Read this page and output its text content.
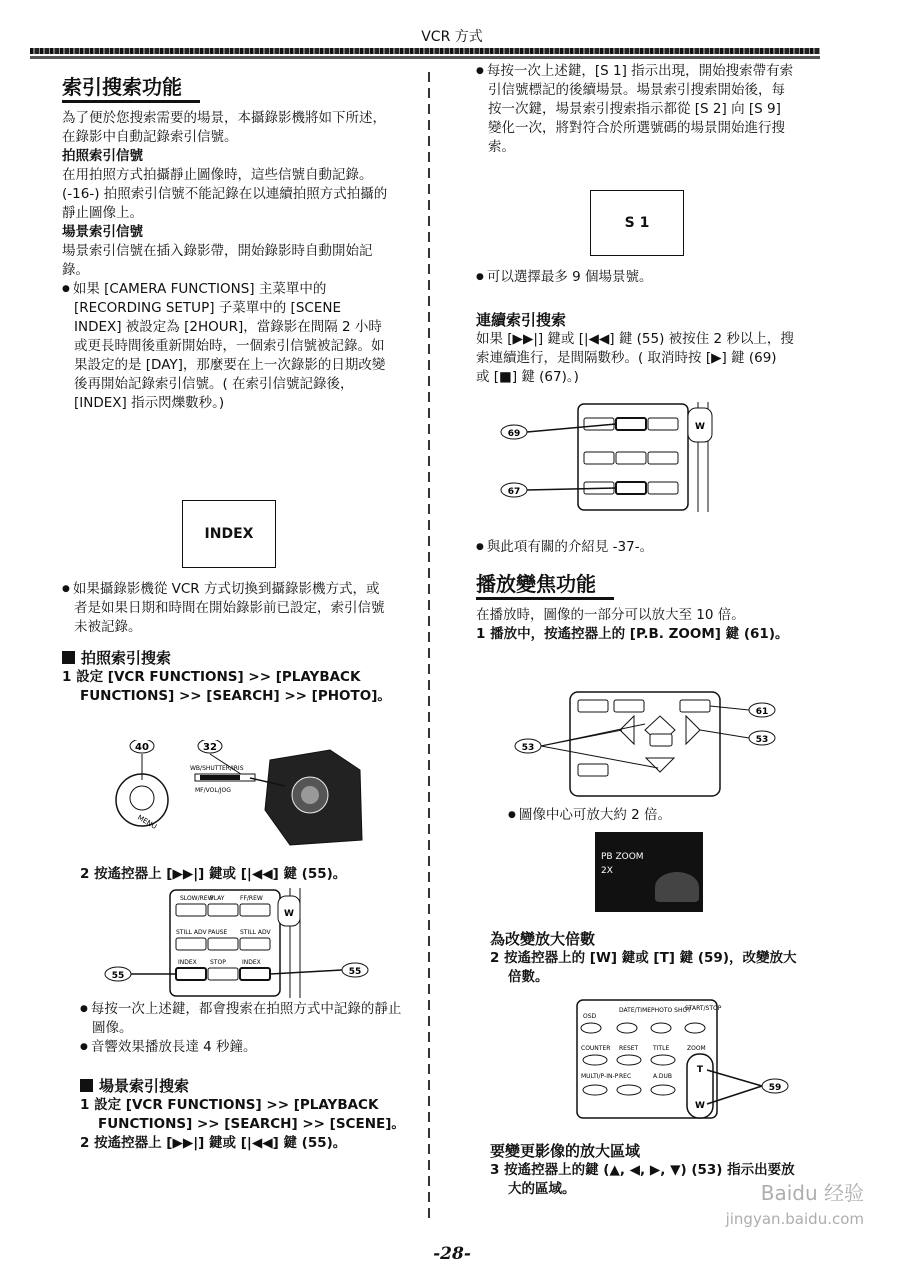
VCR 方式
索引搜索功能

為了便於您搜索需要的場景，本攝錄影機將如下所述，在錄影中自動記錄索引信號。

拍照索引信號

在用拍照方式拍攝靜止圖像時，這些信號自動記錄。(-16-) 拍照索引信號不能記錄在以連續拍照方式拍攝的靜止圖像上。

場景索引信號

場景索引信號在插入錄影帶，開始錄影時自動開始記錄。

● 如果 [CAMERA FUNCTIONS] 主菜單中的 [RECORDING SETUP] 子菜單中的 [SCENE INDEX] 被設定為 [2HOUR]，當錄影在間隔 2 小時或更長時間後重新開始時，一個索引信號被記錄。如果設定的是 [DAY]，那麼要在上一次錄影的日期改變後再開始記錄索引信號。( 在索引信號記錄後，[INDEX] 指示閃爍數秒。)

INDEX

● 如果攝錄影機從 VCR 方式切換到攝錄影機方式，或者是如果日期和時間在開始錄影前已設定，索引信號未被記錄。

拍照索引搜索

1 設定 [VCR FUNCTIONS] >> [PLAYBACK FUNCTIONS] >> [SEARCH] >> [PHOTO]。

40	32
MENU
WB/SHUTTER/IRIS
MF/VOL/JOG

2 按遙控器上 [▶▶|] 鍵或 [|◀◀] 鍵 (55)。

W
SLOW/REW
PLAY	FF/REW
STILL ADV PAUSE STILL ADV
INDEX STOP	INDEX
55	55

● 每按一次上述鍵，都會搜索在拍照方式中記錄的靜止圖像。

● 音響效果播放長達 4 秒鐘。

場景索引搜索

1 設定 [VCR FUNCTIONS] >> [PLAYBACK FUNCTIONS] >> [SEARCH] >> [SCENE]。

2 按遙控器上 [▶▶|] 鍵或 [|◀◀] 鍵 (55)。

● 每按一次上述鍵，[S 1] 指示出現，開始搜索帶有索引信號標記的後續場景。場景索引搜索開始後，每按一次鍵，場景索引搜索指示都從 [S 2] 向 [S 9] 變化一次，將對符合於所選號碼的場景開始進行搜索。

S 1

● 可以選擇最多 9 個場景號。

連續索引搜索

如果 [▶▶|] 鍵或 [|◀◀] 鍵 (55) 被按住 2 秒以上，搜索連續進行，是間隔數秒。( 取消時按 [▶] 鍵 (69) 或 [■] 鍵 (67)。)

W
69
67

● 與此項有關的介紹見 -37-。

播放變焦功能

在播放時，圖像的一部分可以放大至 10 倍。

1 播放中，按遙控器上的 [P.B. ZOOM] 鍵 (61)。

53
61
53

● 圖像中心可放大約 2 倍。

PB ZOOM
2X

為改變放大倍數

2 按遙控器上的 [W] 鍵或 [T] 鍵 (59)，改變放大倍數。

OSD
DATE/TIME PHOTO SHOT
START/STOP
COUNTER RESET TITLE	ZOOM
MULTI/P-IN-P REC	A.DUB
T
W
59

要變更影像的放大區域

3 按遙控器上的鍵 (▲, ◀, ▶, ▼) (53) 指示出要放大的區域。

-28-
Baidu 经验
jingyan.baidu.com
